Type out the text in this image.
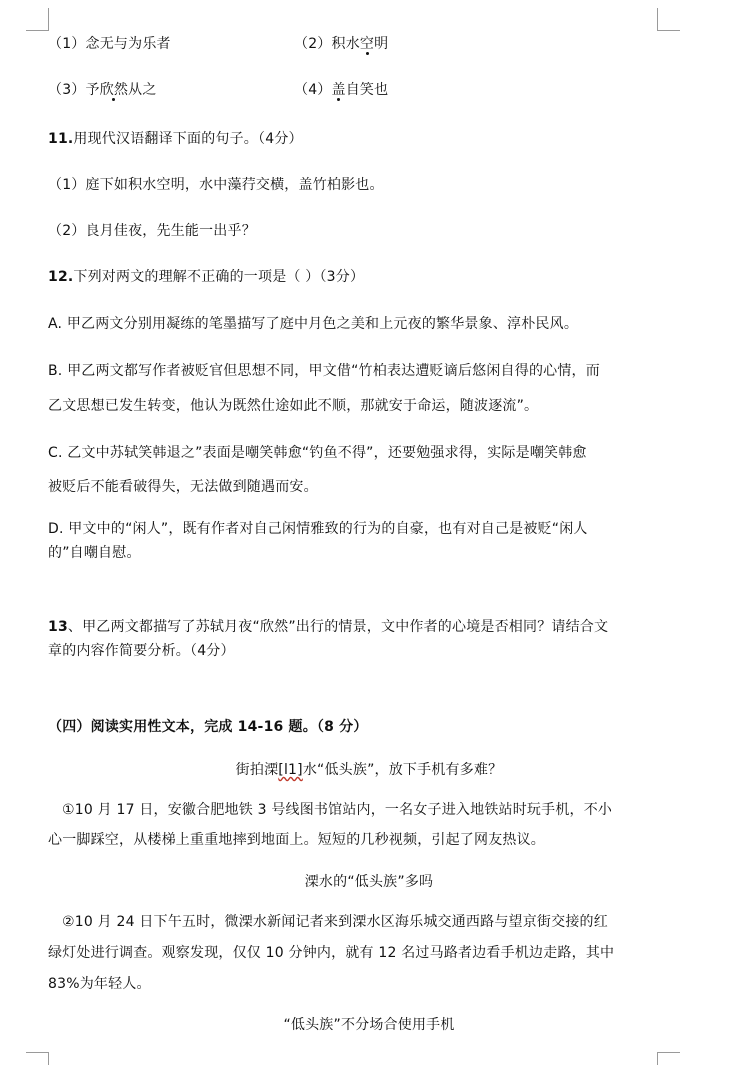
（1）念无与为乐者	（2）积水空明
（3）予欣然从之	（4）盖自笑也
11.用现代汉语翻译下面的句子。（4分）
（1）庭下如积水空明，水中藻荇交横，盖竹柏影也。
（2）良月佳夜，先生能一出乎？
12.下列对两文的理解不正确的一项是（ ）（3分）
A. 甲乙两文分别用凝练的笔墨描写了庭中月色之美和上元夜的繁华景象、淳朴民风。
B. 甲乙两文都写作者被贬官但思想不同，甲文借“竹柏表达遭贬谪后悠闲自得的心情，而
乙文思想已发生转变，他认为既然仕途如此不顺，那就安于命运，随波逐流”。
C. 乙文中苏轼笑韩退之”表面是嘲笑韩愈“钓鱼不得”，还要勉强求得，实际是嘲笑韩愈
被贬后不能看破得失，无法做到随遇而安。
D. 甲文中的“闲人”，既有作者对自己闲情雅致的行为的自豪，也有对自己是被贬“闲人
的”自嘲自慰。
13、甲乙两文都描写了苏轼月夜“欣然”出行的情景，文中作者的心境是否相同？请结合文
章的内容作简要分析。（4分）
（四）阅读实用性文本，完成 14-16 题。（8 分）
街拍溧[l1]水“低头族”，放下手机有多难？
①10 月 17 日，安徽合肥地铁 3 号线图书馆站内，一名女子进入地铁站时玩手机，不小
心一脚踩空，从楼梯上重重地摔到地面上。短短的几秒视频，引起了网友热议。
溧水的“低头族”多吗
②10 月 24 日下午五时，微溧水新闻记者来到溧水区海乐城交通西路与望京街交接的红
绿灯处进行调查。观察发现，仅仅 10 分钟内，就有 12 名过马路者边看手机边走路，其中
83%为年轻人。
“低头族”不分场合使用手机
